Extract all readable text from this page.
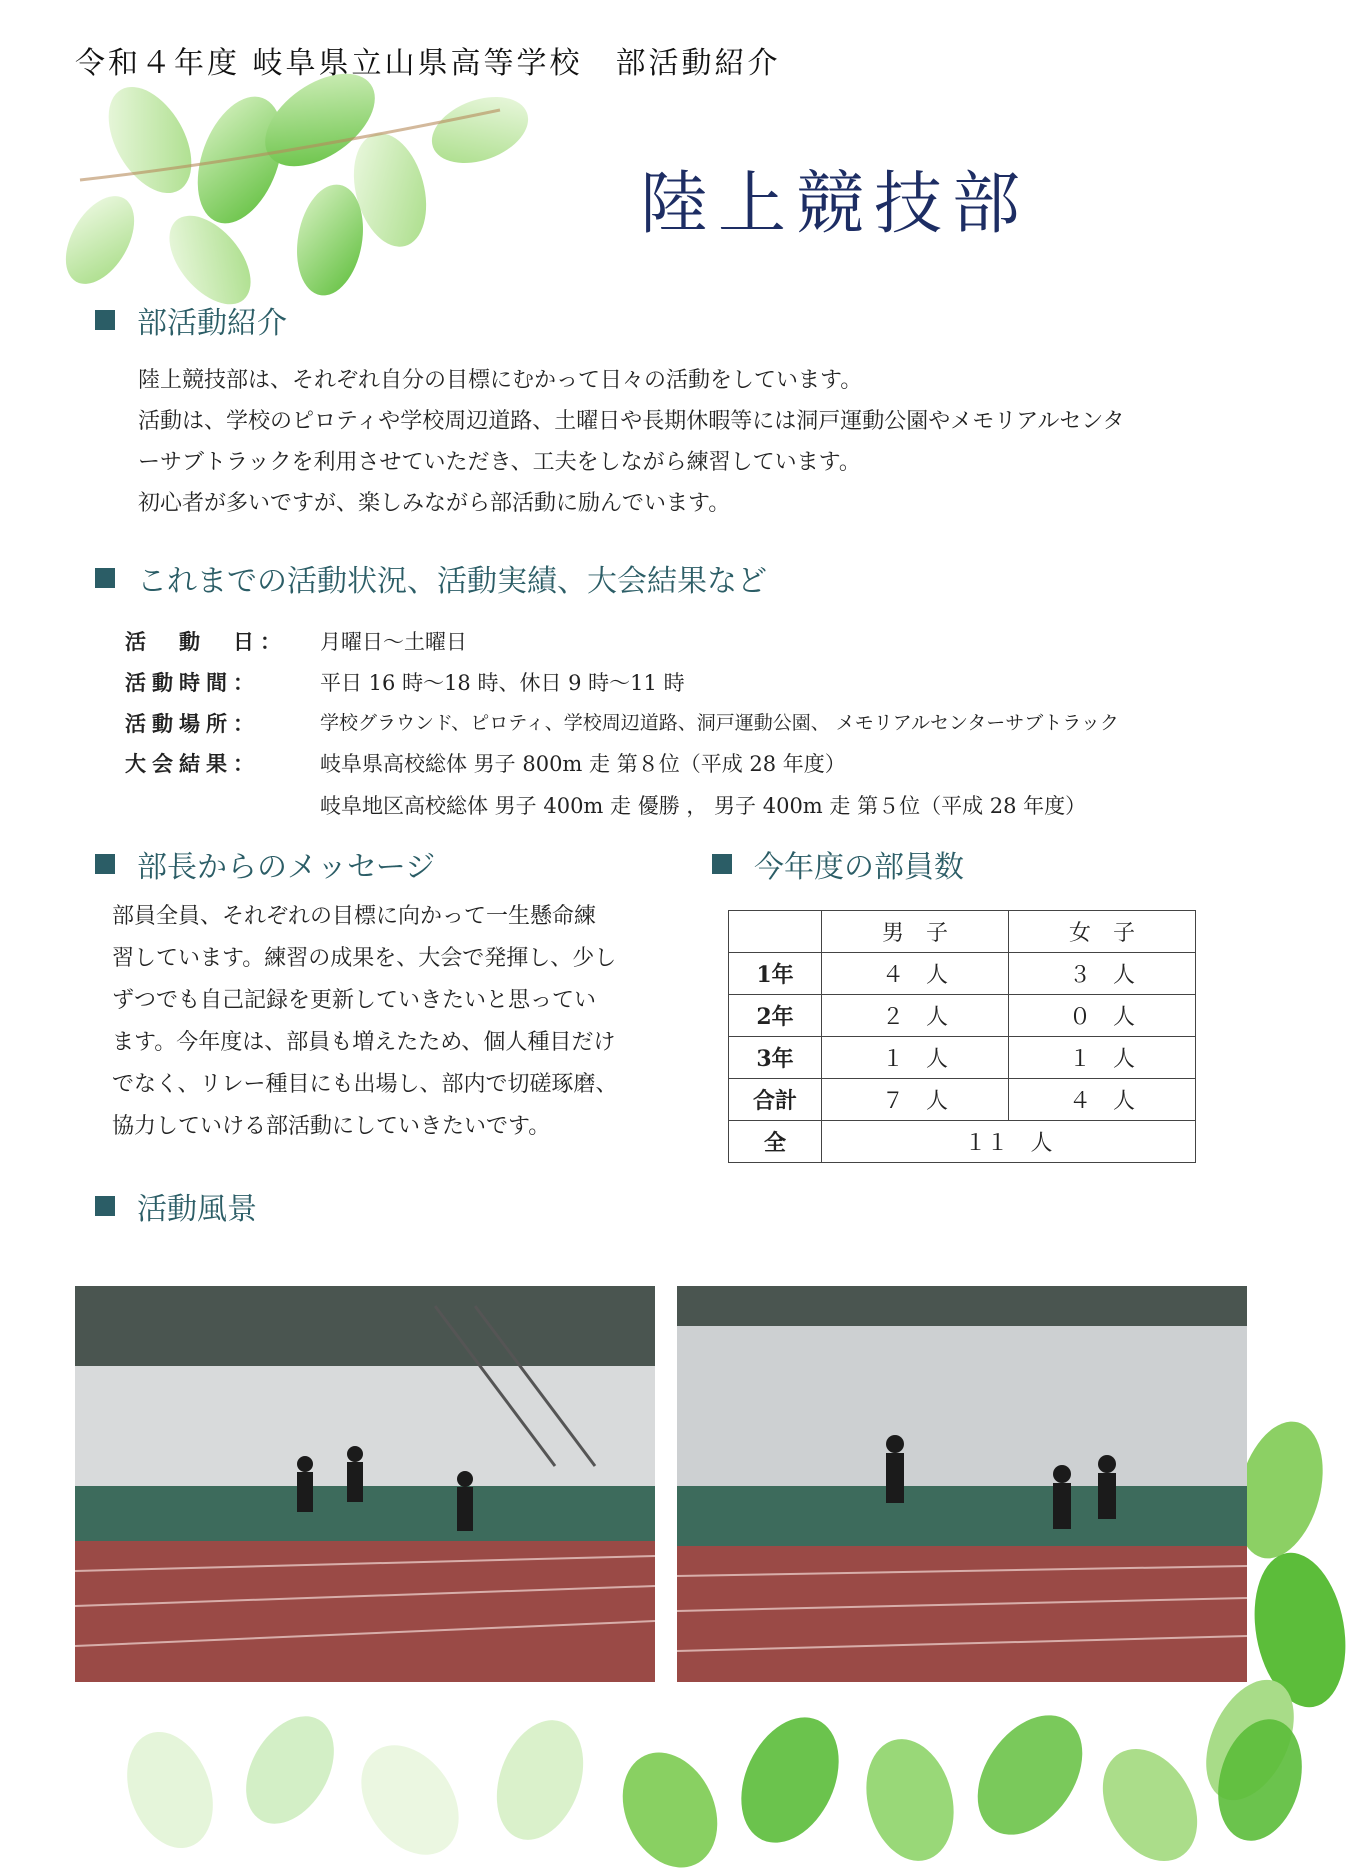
令和４年度 岐阜県立山県高等学校　部活動紹介
陸上競技部
部活動紹介

陸上競技部は、それぞれ自分の目標にむかって日々の活動をしています。

活動は、学校のピロティや学校周辺道路、土曜日や長期休暇等には洞戸運動公園やメモリアルセンタ

ーサブトラックを利用させていただき、工夫をしながら練習しています。

初心者が多いですが、楽しみながら部活動に励んでいます。

これまでの活動状況、活動実績、大会結果など
活　動　日：	月曜日～土曜日
活動時間：	平日 16 時～18 時、休日 9 時～11 時
活動場所：	学校グラウンド、ピロティ、学校周辺道路、洞戸運動公園、 メモリアルセンターサブトラック
大会結果：	岐阜県高校総体 男子 800m 走 第８位（平成 28 年度）
岐阜地区高校総体 男子 400m 走 優勝 ， 男子 400m 走 第５位（平成 28 年度）
部長からのメッセージ

部員全員、それぞれの目標に向かって一生懸命練

習しています。練習の成果を、大会で発揮し、少し

ずつでも自己記録を更新していきたいと思ってい

ます。今年度は、部員も増えたため、個人種目だけ

でなく、リレー種目にも出場し、部内で切磋琢磨、

協力していける部活動にしていきたいです。

今年度の部員数
	男　子	女　子
1年	４　人	３　人
2年	２　人	０　人
3年	１　人	１　人
合計	７　人	４　人
全	１１　人	
活動風景
